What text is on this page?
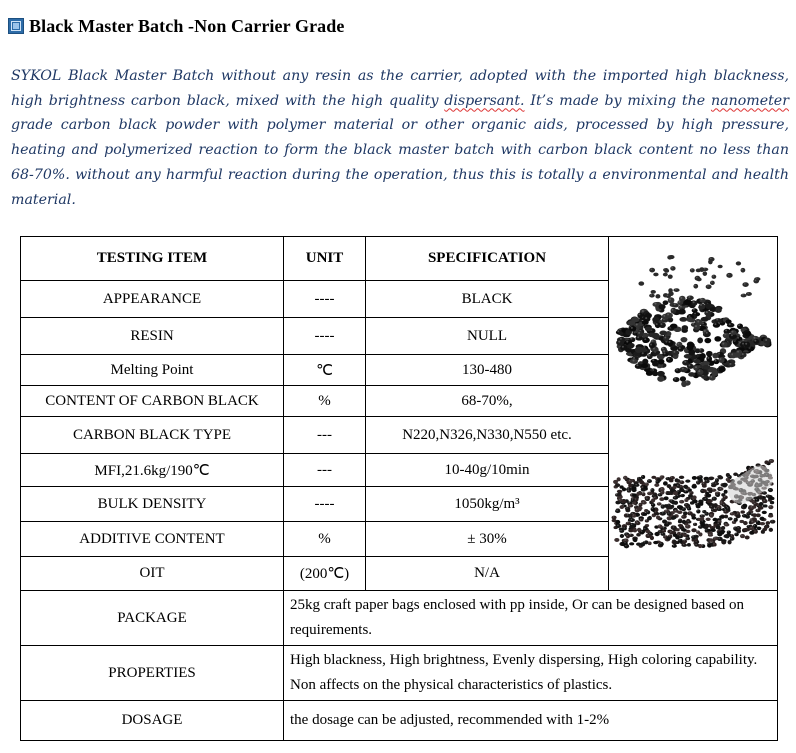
Black Master Batch -Non Carrier Grade

SYKOL Black Master Batch without any resin as the carrier, adopted with the imported high blackness, high brightness carbon black, mixed with the high quality dispersant. It’s made by mixing the nanometer grade carbon black powder with polymer material or other organic aids, processed by high pressure, heating and polymerized reaction to form the black master batch with carbon black content no less than 68-70%. without any harmful reaction during the operation, thus this is totally a environmental and health material.

TESTING ITEM	UNIT	SPECIFICATION	

APPEARANCE	----	BLACK	
RESIN	----	NULL	
Melting Point	℃	130-480	
CONTENT OF CARBON BLACK	%	68-70%,	
CARBON BLACK TYPE	---	N220,N326,N330,N550 etc.	

MFI,21.6kg/190℃	---	10-40g/10min	
BULK DENSITY	----	1050kg/m³	
ADDITIVE CONTENT	%	± 30%	
OIT	(200℃)	N/A	
PACKAGE	25kg craft paper bags enclosed with pp inside, Or can be designed based on requirements.		
PROPERTIES	High blackness, High brightness, Evenly dispersing, High coloring capability. Non affects on the physical characteristics of plastics.		
DOSAGE	the dosage can be adjusted, recommended with 1-2%		
